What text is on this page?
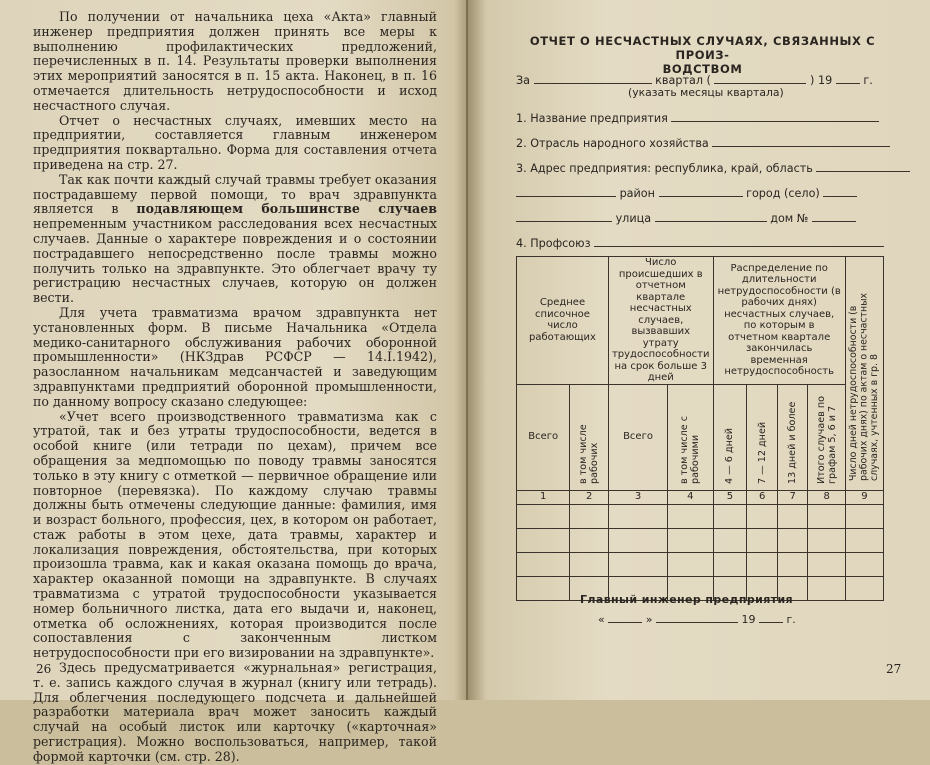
По получении от начальника цеха «Акта» главный инженер предприятия должен принять все меры к выполнению профилактических предложений, перечисленных в п. 14. Результаты проверки выполнения этих мероприятий заносятся в п. 15 акта. Наконец, в п. 16 отмечается длительность нетрудоспособности и исход несчастного случая.

Отчет о несчастных случаях, имевших место на предприятии, составляется главным инженером предприятия поквартально. Форма для составления отчета приведена на стр. 27.

Так как почти каждый случай травмы требует оказания пострадавшему первой помощи, то врач здравпункта является в подавляющем большинстве случаев непременным участником расследования всех несчастных случаев. Данные о характере повреждения и о состоянии пострадавшего непосредственно после травмы можно получить только на здравпункте. Это облегчает врачу ту регистрацию несчастных случаев, которую он должен вести.

Для учета травматизма врачом здравпункта нет установленных форм. В письме Начальника «Отдела медико-санитарного обслуживания рабочих оборонной промышленности» (НКЗдрав РСФСР — 14.I.1942), разосланном начальникам медсанчастей и заведующим здравпунктами предприятий оборонной промышленности, по данному вопросу сказано следующее:

«Учет всего производственного травматизма как с утратой, так и без утраты трудоспособности, ведется в особой книге (или тетради по цехам), причем все обращения за медпомощью по поводу травмы заносятся только в эту книгу с отметкой — первичное обращение или повторное (перевязка). По каждому случаю травмы должны быть отмечены следующие данные: фамилия, имя и возраст больного, профессия, цех, в котором он работает, стаж работы в этом цехе, дата травмы, характер и локализация повреждения, обстоятельства, при которых произошла травма, как и какая оказана помощь до врача, характер оказанной помощи на здравпункте. В случаях травматизма с утратой трудоспособности указывается номер больничного листка, дата его выдачи и, наконец, отметка об осложнениях, которая производится после сопоставления с законченным листком нетрудоспособности при его визировании на здравпункте».

Здесь предусматривается «журнальная» регистрация, т. е. запись каждого случая в журнал (книгу или тетрадь). Для облегчения последующего подсчета и дальнейшей разработки материала врач может заносить каждый случай на особый листок или карточку («карточная» регистрация). Можно воспользоваться, например, такой формой карточки (см. стр. 28).

26
ОТЧЕТ О НЕСЧАСТНЫХ СЛУЧАЯХ, СВЯЗАННЫХ С ПРОИЗ-
ВОДСТВОМ
За	квартал (	) 19	г.
(указать месяцы квартала)
1. Название предприятия
2. Отрасль народного хозяйства
3. Адрес предприятия: республика, край, область
район	город (село)
улица	дом №
4. Профсоюз
Среднее списочное число работающих		Число происшедших в отчетном квартале несчастных случаев, вызвавших утрату трудоспособности на срок больше 3 дней		Распределение по длительности нетрудоспособности (в рабочих днях) несчастных случаев, по которым в отчетном квартале закончилась временная нетрудоспособность				Число дней нетрудоспособности (в рабочих днях) по актам о несчастных случаях, учтенных в гр. 8
Всего	в том числе рабочих	Всего	в том числе с рабочими	4 — 6 дней	7 — 12 дней	13 дней и более	Итого случаев по графам 5, 6 и 7	
1	2	3	4	5	6	7	8	9

Главный инженер предприятия
«	»	19	г.
27
